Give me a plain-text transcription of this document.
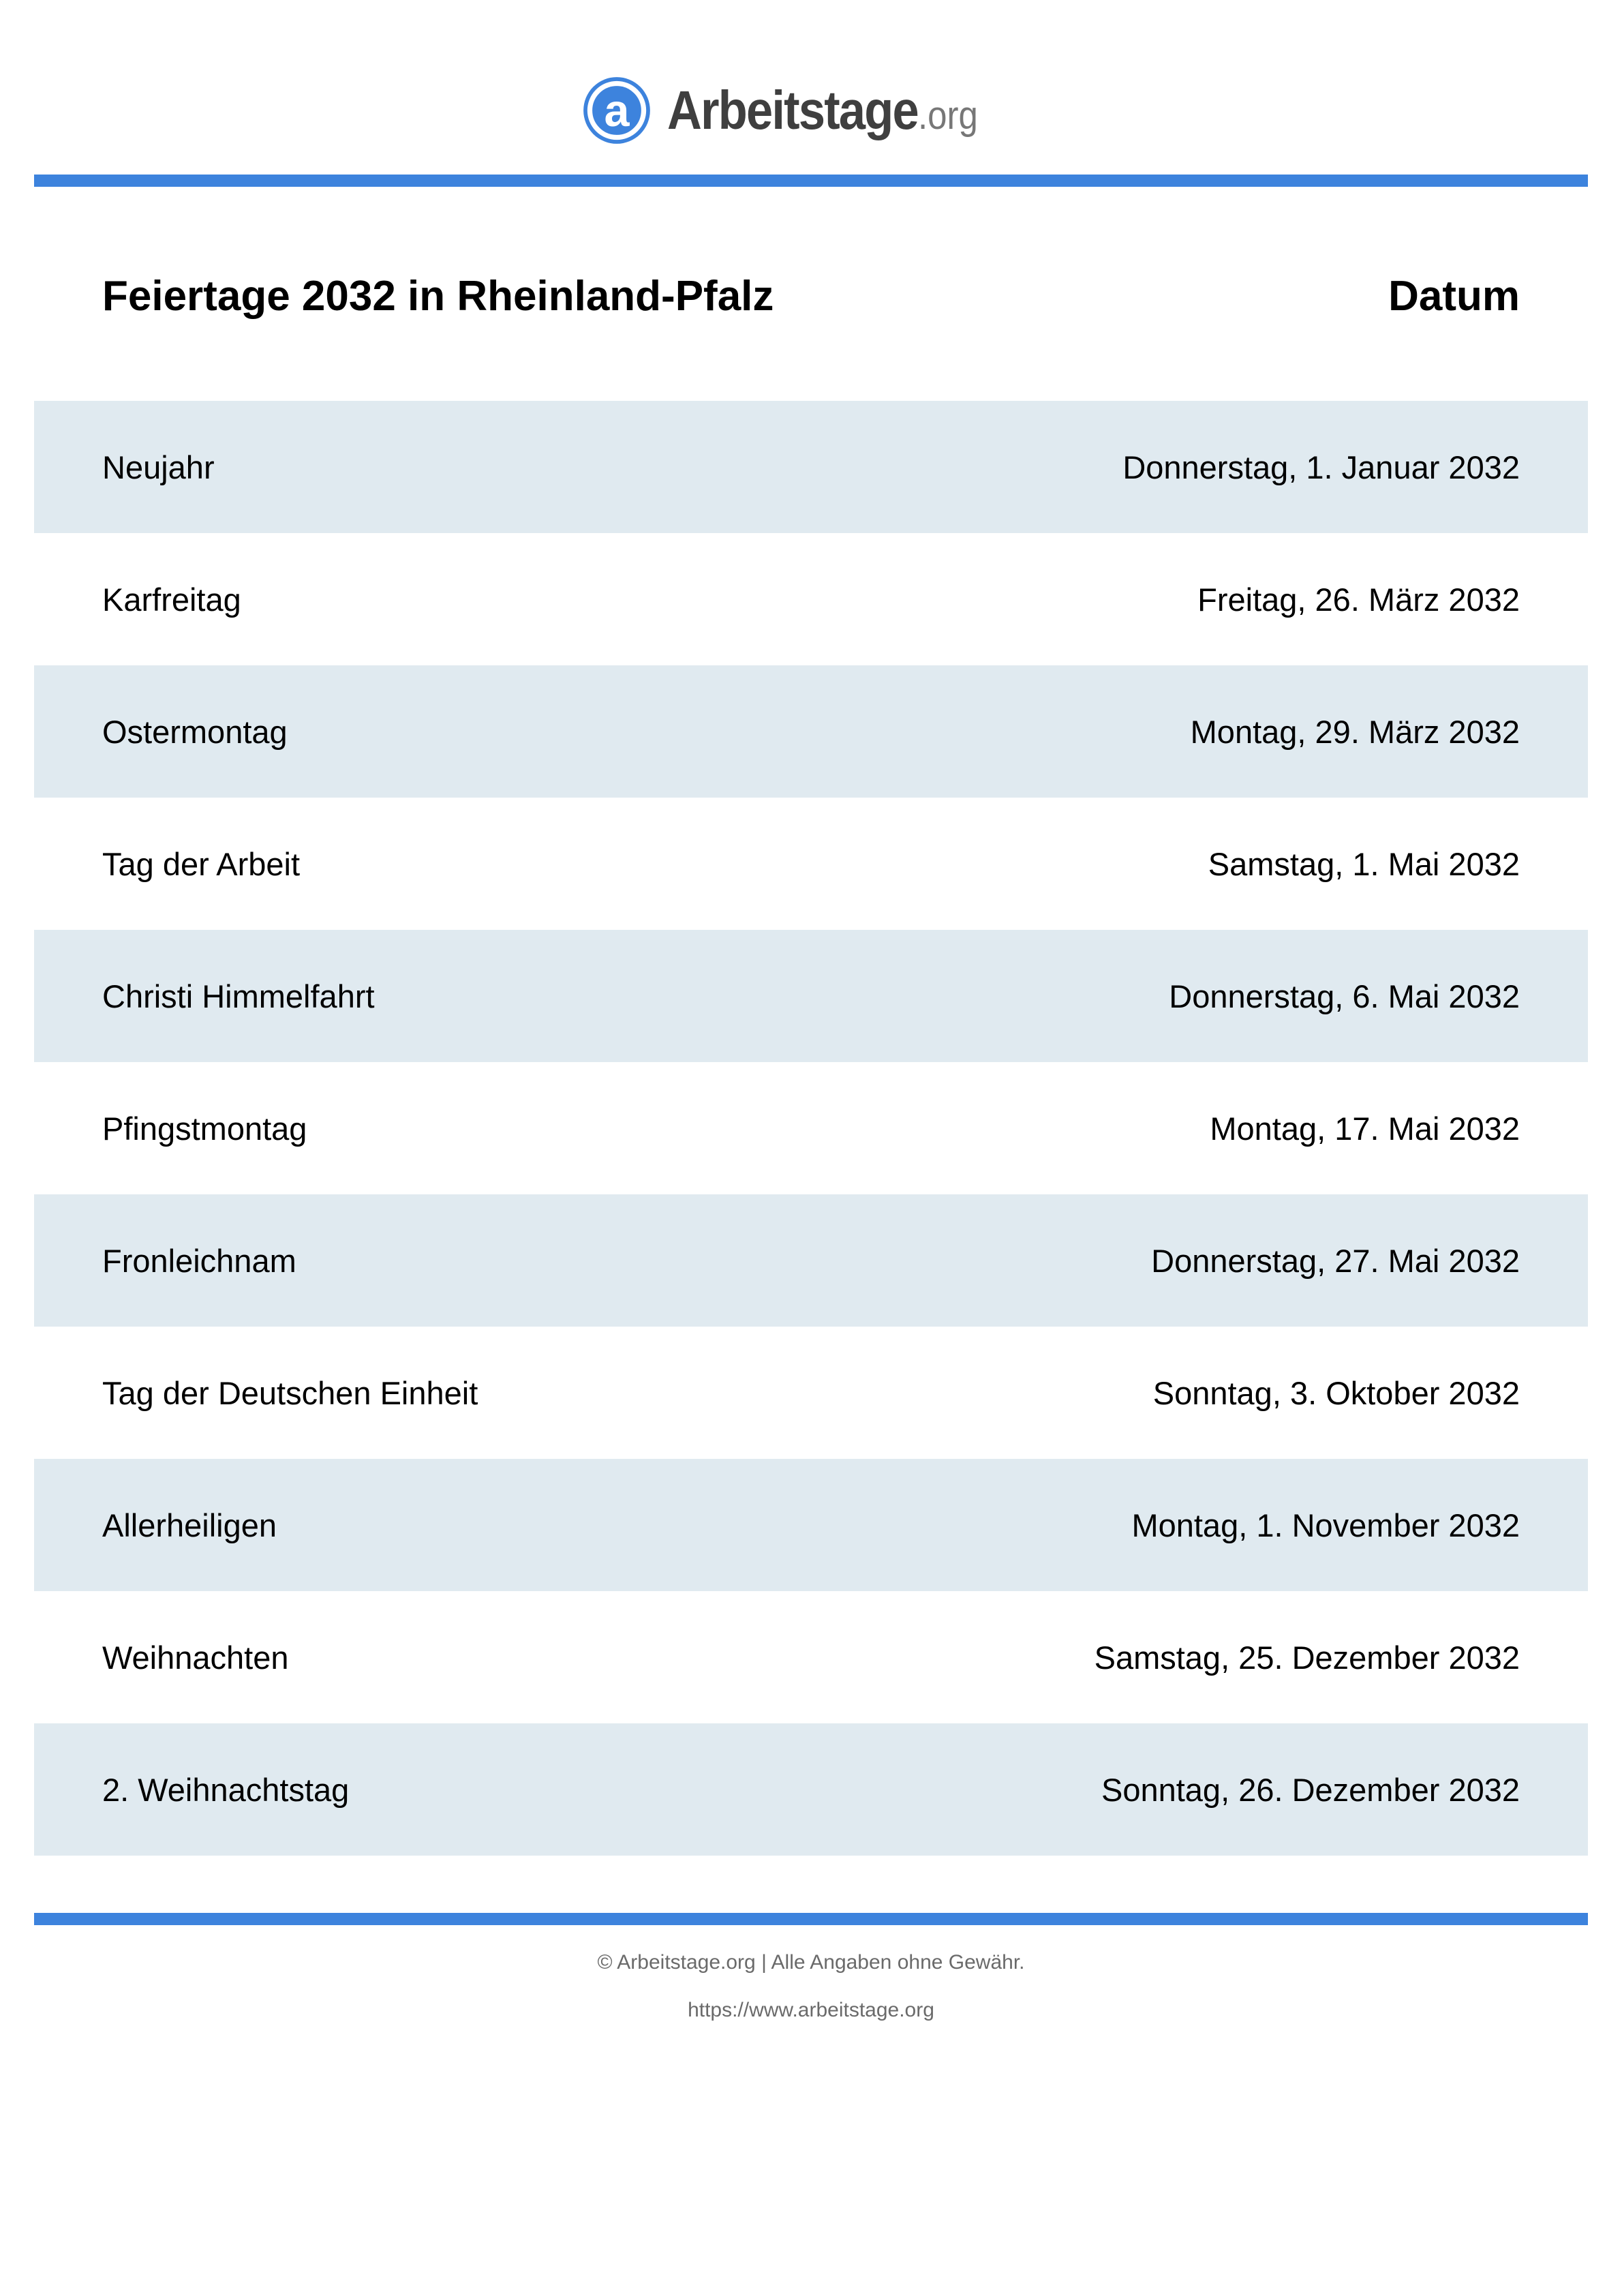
a Arbeitstage.org
Feiertage 2032 in Rheinland-Pfalz	Datum
Neujahr	Donnerstag, 1. Januar 2032
Karfreitag	Freitag, 26. März 2032
Ostermontag	Montag, 29. März 2032
Tag der Arbeit	Samstag, 1. Mai 2032
Christi Himmelfahrt	Donnerstag, 6. Mai 2032
Pfingstmontag	Montag, 17. Mai 2032
Fronleichnam	Donnerstag, 27. Mai 2032
Tag der Deutschen Einheit	Sonntag, 3. Oktober 2032
Allerheiligen	Montag, 1. November 2032
Weihnachten	Samstag, 25. Dezember 2032
2. Weihnachtstag	Sonntag, 26. Dezember 2032
© Arbeitstage.org | Alle Angaben ohne Gewähr.
https://www.arbeitstage.org
